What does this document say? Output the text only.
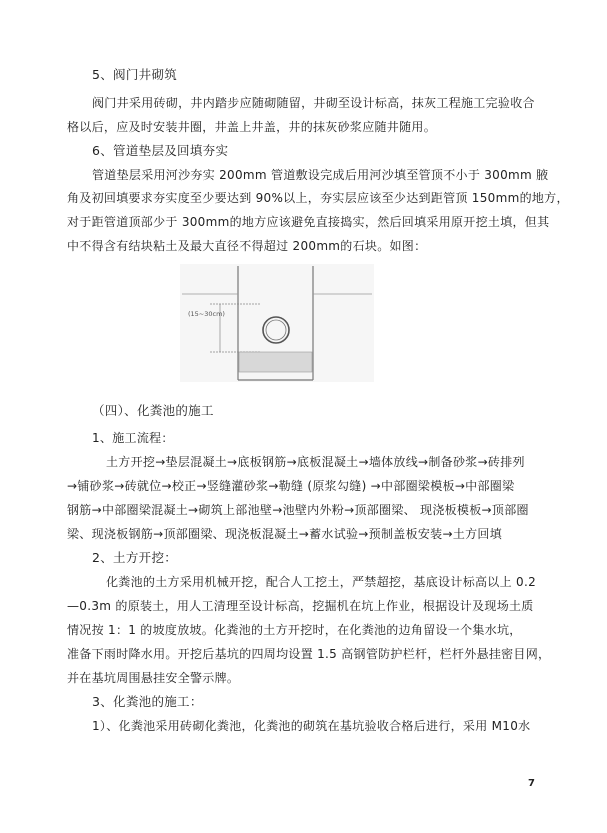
5、阀门井砌筑
阀门井采用砖砌，井内踏步应随砌随留，井砌至设计标高，抹灰工程施工完验收合
格以后，应及时安装井圈，井盖上井盖，井的抹灰砂浆应随井随用。
6、管道垫层及回填夯实
管道垫层采用河沙夯实 200mm 管道敷设完成后用河沙填至管顶不小于 300mm 腋
角及初回填要求夯实度至少要达到 90%以上，夯实层应该至少达到距管顶 150mm的地方，
对于距管道顶部少于 300mm的地方应该避免直接捣实，然后回填采用原开挖土填，但其
中不得含有结块粘土及最大直径不得超过 200mm的石块。如图：
(15~30cm)
（四）、化粪池的施工
1、施工流程：
土方开挖→垫层混凝土→底板钢筋→底板混凝土→墙体放线→制备砂浆→砖排列
→铺砂浆→砖就位→校正→竖缝灌砂浆→勒缝 (原浆勾缝) →中部圈梁模板→中部圈梁
钢筋→中部圈梁混凝土→砌筑上部池壁→池壁内外粉→顶部圈梁、 现浇板模板→顶部圈
梁、现浇板钢筋→顶部圈梁、现浇板混凝土→蓄水试验→预制盖板安装→土方回填
2、土方开挖：
化粪池的土方采用机械开挖，配合人工挖土，严禁超挖，基底设计标高以上 0.2
—0.3m 的原装土，用人工清理至设计标高，挖掘机在坑上作业，根据设计及现场土质
情况按 1：1 的坡度放坡。化粪池的土方开挖时，在化粪池的边角留设一个集水坑，
准备下雨时降水用。开挖后基坑的四周均设置 1.5 高钢管防护栏杆，栏杆外悬挂密目网，
并在基坑周围悬挂安全警示牌。
3、化粪池的施工：
1）、化粪池采用砖砌化粪池，化粪池的砌筑在基坑验收合格后进行，采用 M10水
7
